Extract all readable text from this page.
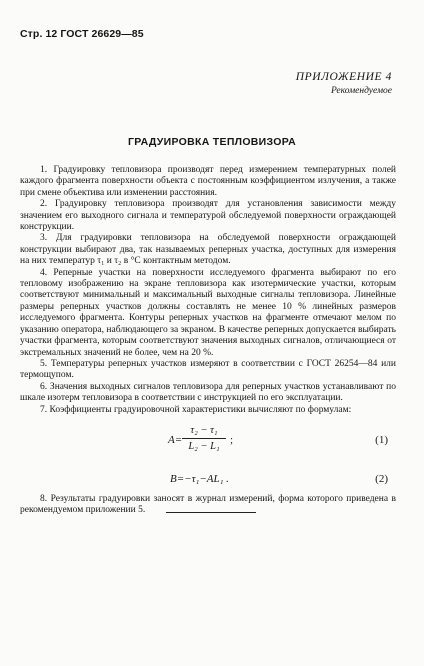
Стр. 12 ГОСТ 26629—85
ПРИЛОЖЕНИЕ 4
Рекомендуемое
ГРАДУИРОВКА ТЕПЛОВИЗОРА

1. Градуировку тепловизора производят перед измерением температурных полей каждого фрагмента поверхности объекта с постоянным коэффициентом излучения, а также при смене объектива или изменении расстояния.

2. Градуировку тепловизора производят для установления зависимости между значением его выходного сигнала и температурой обследуемой поверхности ограждающей конструкции.

3. Для градуировки тепловизора на обследуемой поверхности ограждающей конструкции выбирают два, так называемых реперных участка, доступных для измерения на них температур τ₁ и τ₂ в °С контактным методом.

4. Реперные участки на поверхности исследуемого фрагмента выбирают по его тепловому изображению на экране тепловизора как изотермические участки, которым соответствуют минимальный и максимальный выходные сигналы тепловизора. Линейные размеры реперных участков должны составлять не менее 10 % линейных размеров исследуемого фрагмента. Контуры реперных участков на фрагменте отмечают мелом по указанию оператора, наблюдающего за экраном. В качестве реперных допускается выбирать участки фрагмента, которым соответствуют значения выходных сигналов, отличающиеся от экстремальных значений не более, чем на 20 %.

5. Температуры реперных участков измеряют в соответствии с ГОСТ 26254—84 или термощупом.

6. Значения выходных сигналов тепловизора для реперных участков устанавливают по шкале изотерм тепловизора в соответствии с инструкцией по его эксплуатации.

7. Коэффициенты градуировочной характеристики вычисляют по формулам:

A=
τ₂ − τ₁
L₂ − L₁
;	(1)
B=−τ₁−AL₁ .	(2)

8. Результаты градуировки заносят в журнал измерений, форма которого приведена в рекомендуемом приложении 5.
